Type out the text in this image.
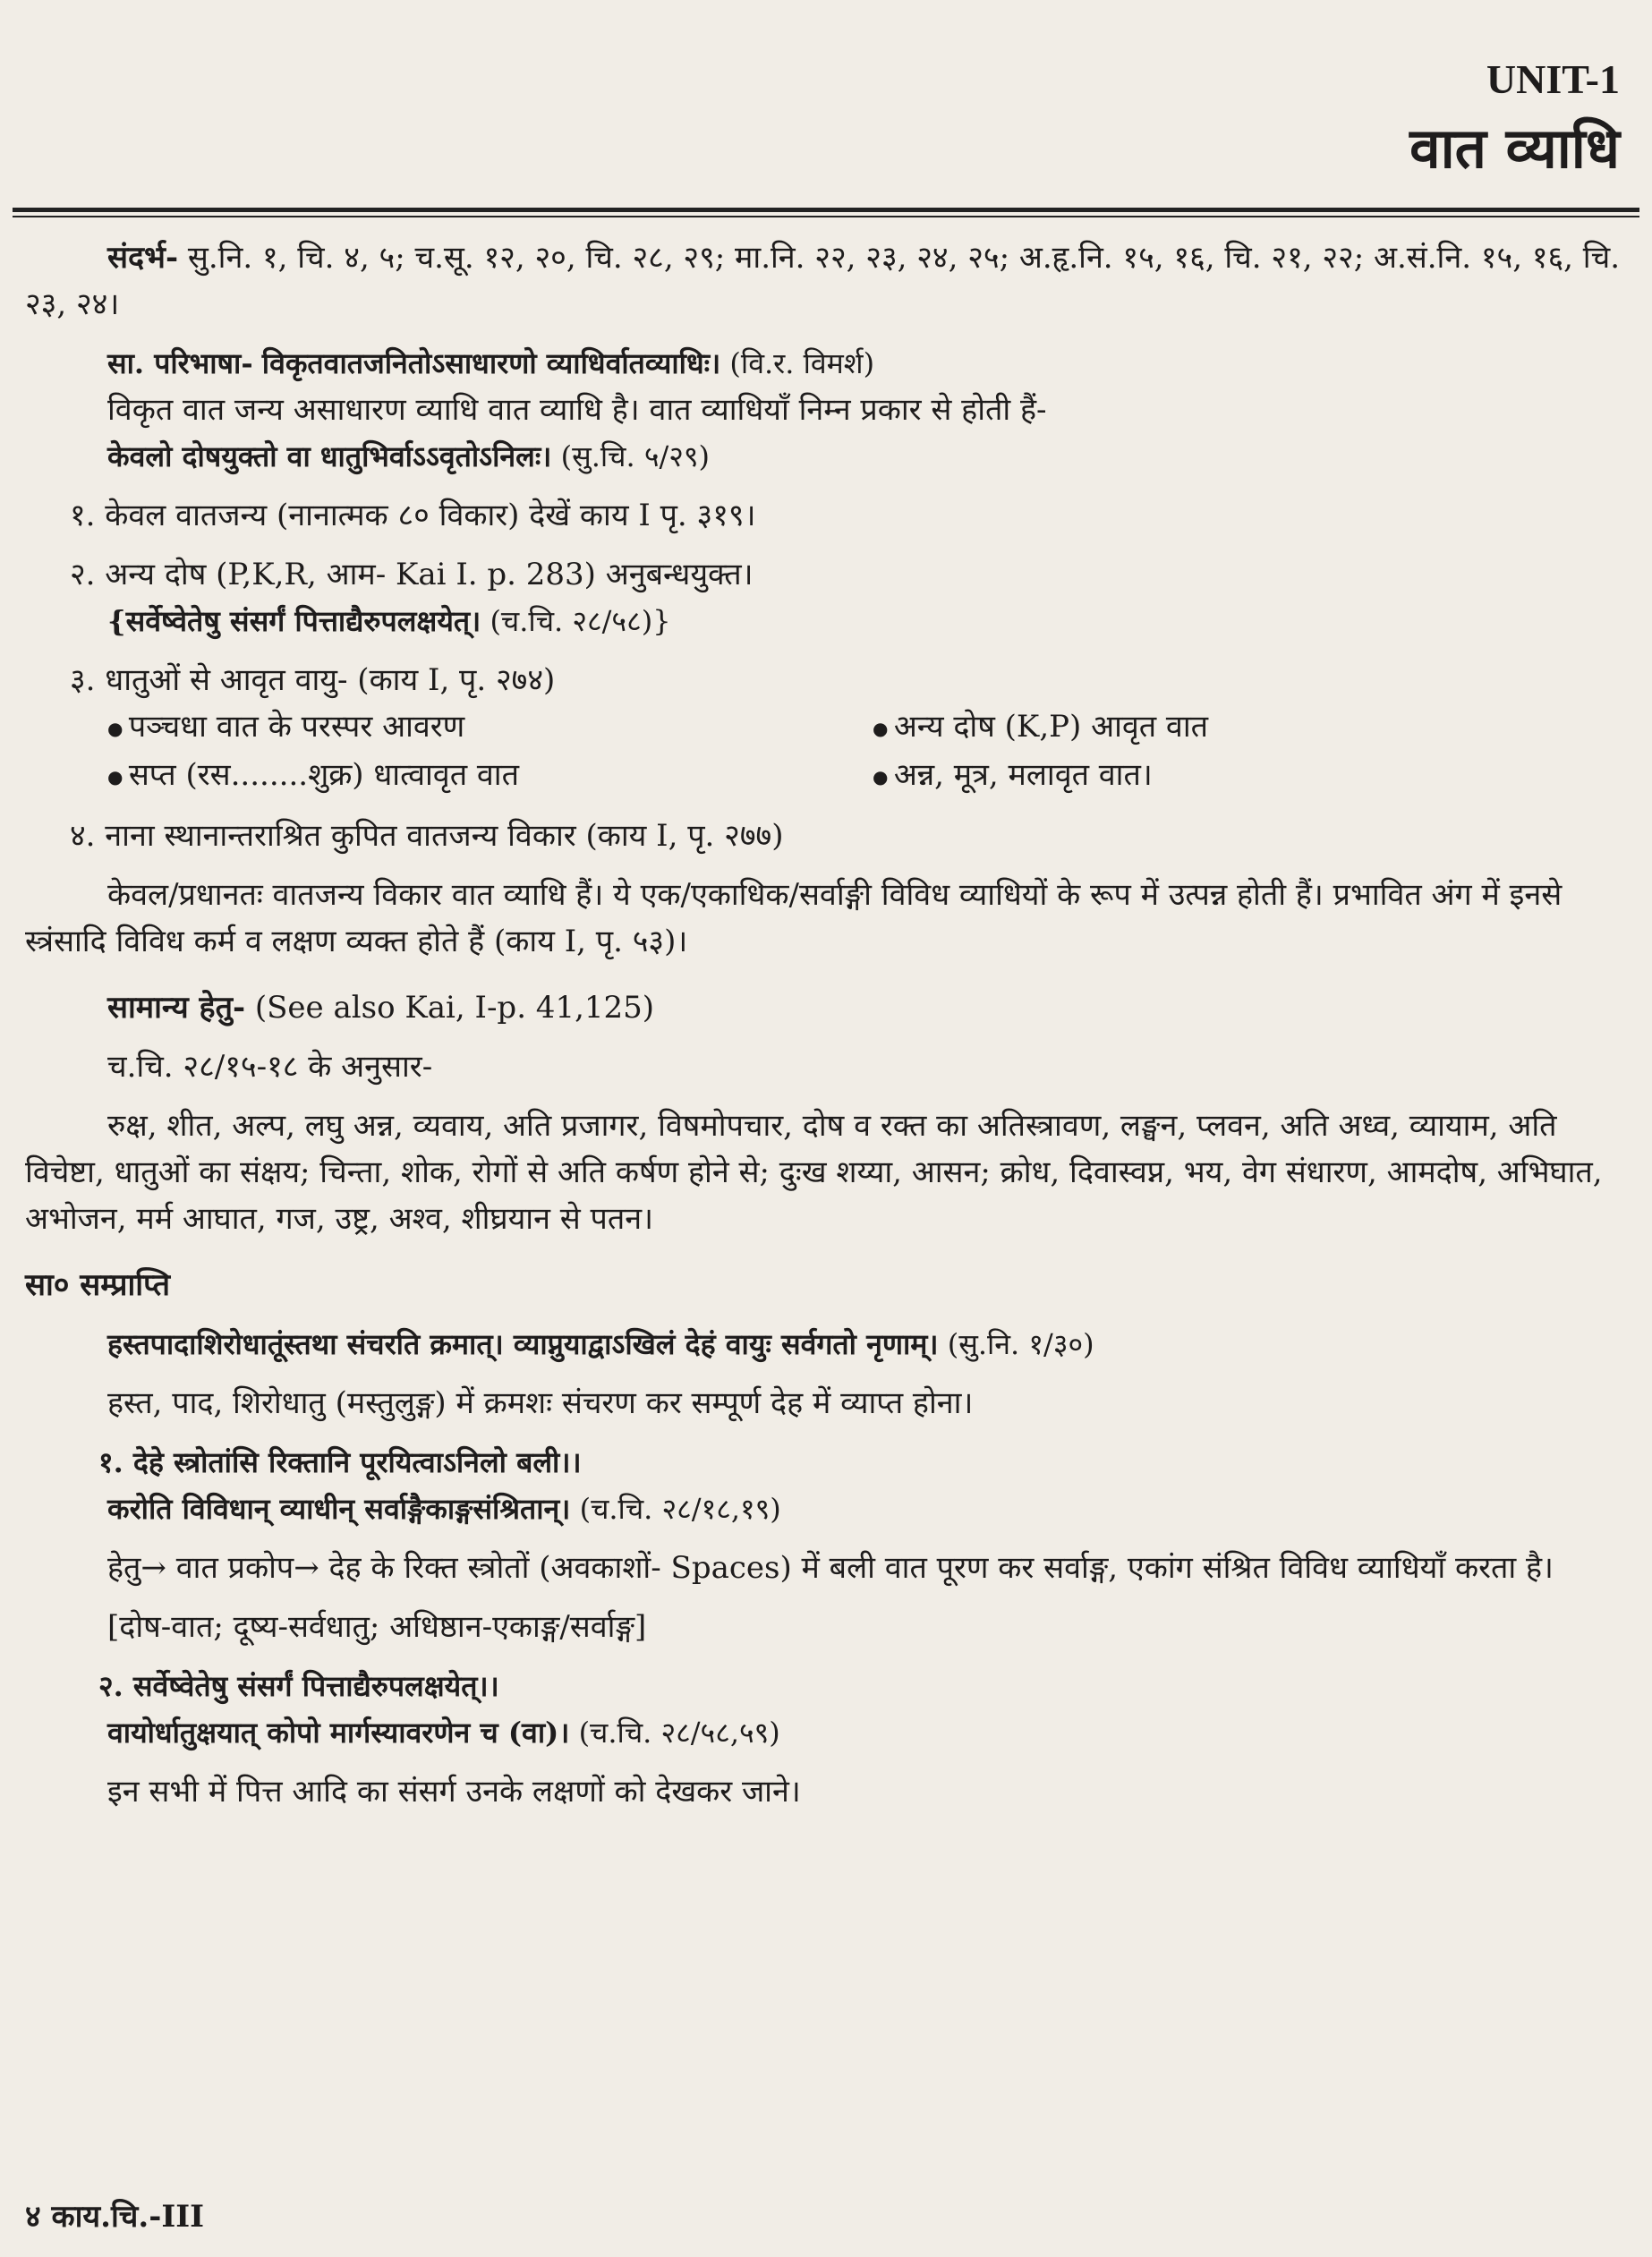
UNIT-1
वात व्याधि

संदर्भ- सु.नि. १, चि. ४, ५; च.सू. १२, २०, चि. २८, २९; मा.नि. २२, २३, २४, २५; अ.हृ.नि. १५, १६, चि. २१, २२; अ.सं.नि. १५, १६, चि. २३, २४।

सा. परिभाषा- विकृतवातजनितोऽसाधारणो व्याधिर्वातव्याधिः। (वि.र. विमर्श)

विकृत वात जन्य असाधारण व्याधि वात व्याधि है। वात व्याधियाँ निम्न प्रकार से होती हैं-

केवलो दोषयुक्तो वा धातुभिर्वाऽऽवृतोऽनिलः। (सु.चि. ५/२९)

१. केवल वातजन्य (नानात्मक ८० विकार) देखें काय I पृ. ३१९।

२. अन्य दोष (P,K,R, आम- Kai I. p. 283) अनुबन्धयुक्त।

{सर्वेष्वेतेषु संसर्गं पित्ताद्यैरुपलक्षयेत्। (च.चि. २८/५८)}

३. धातुओं से आवृत वायु- (काय I, पृ. २७४)

● पञ्चधा वात के परस्पर आवरण

● सप्त (रस........शुक्र) धात्वावृत वात

● अन्य दोष (K,P) आवृत वात

● अन्न, मूत्र, मलावृत वात।

४. नाना स्थानान्तराश्रित कुपित वातजन्य विकार (काय I, पृ. २७७)

केवल/प्रधानतः वातजन्य विकार वात व्याधि हैं। ये एक/एकाधिक/सर्वाङ्गी विविध व्याधियों के रूप में उत्पन्न होती हैं। प्रभावित अंग में इनसे स्त्रंसादि विविध कर्म व लक्षण व्यक्त होते हैं (काय I, पृ. ५३)।

सामान्य हेतु- (See also Kai, I-p. 41,125)

च.चि. २८/१५-१८ के अनुसार-

रुक्ष, शीत, अल्प, लघु अन्न, व्यवाय, अति प्रजागर, विषमोपचार, दोष व रक्त का अतिस्त्रावण, लङ्घन, प्लवन, अति अध्व, व्यायाम, अति विचेष्टा, धातुओं का संक्षय; चिन्ता, शोक, रोगों से अति कर्षण होने से; दुःख शय्या, आसन; क्रोध, दिवास्वप्न, भय, वेग संधारण, आमदोष, अभिघात, अभोजन, मर्म आघात, गज, उष्ट्र, अश्व, शीघ्रयान से पतन।

सा० सम्प्राप्ति

हस्तपादाशिरोधातूंस्तथा संचरति क्रमात्। व्याप्नुयाद्वाऽखिलं देहं वायुः सर्वगतो नृणाम्। (सु.नि. १/३०)

हस्त, पाद, शिरोधातु (मस्तुलुङ्ग) में क्रमशः संचरण कर सम्पूर्ण देह में व्याप्त होना।

१. देहे स्त्रोतांसि रिक्तानि पूरयित्वाऽनिलो बली।।

करोति विविधान् व्याधीन् सर्वाङ्गैकाङ्गसंश्रितान्। (च.चि. २८/१८,१९)

हेतु→ वात प्रकोप→ देह के रिक्त स्त्रोतों (अवकाशों- Spaces) में बली वात पूरण कर सर्वाङ्ग, एकांग संश्रित विविध व्याधियाँ करता है।

[दोष-वात; दूष्य-सर्वधातु; अधिष्ठान-एकाङ्ग/सर्वाङ्ग]

२. सर्वेष्वेतेषु संसर्गं पित्ताद्यैरुपलक्षयेत्।।

वायोर्धातुक्षयात् कोपो मार्गस्यावरणेन च (वा)। (च.चि. २८/५८,५९)

इन सभी में पित्त आदि का संसर्ग उनके लक्षणों को देखकर जाने।

४ काय.चि.-III
